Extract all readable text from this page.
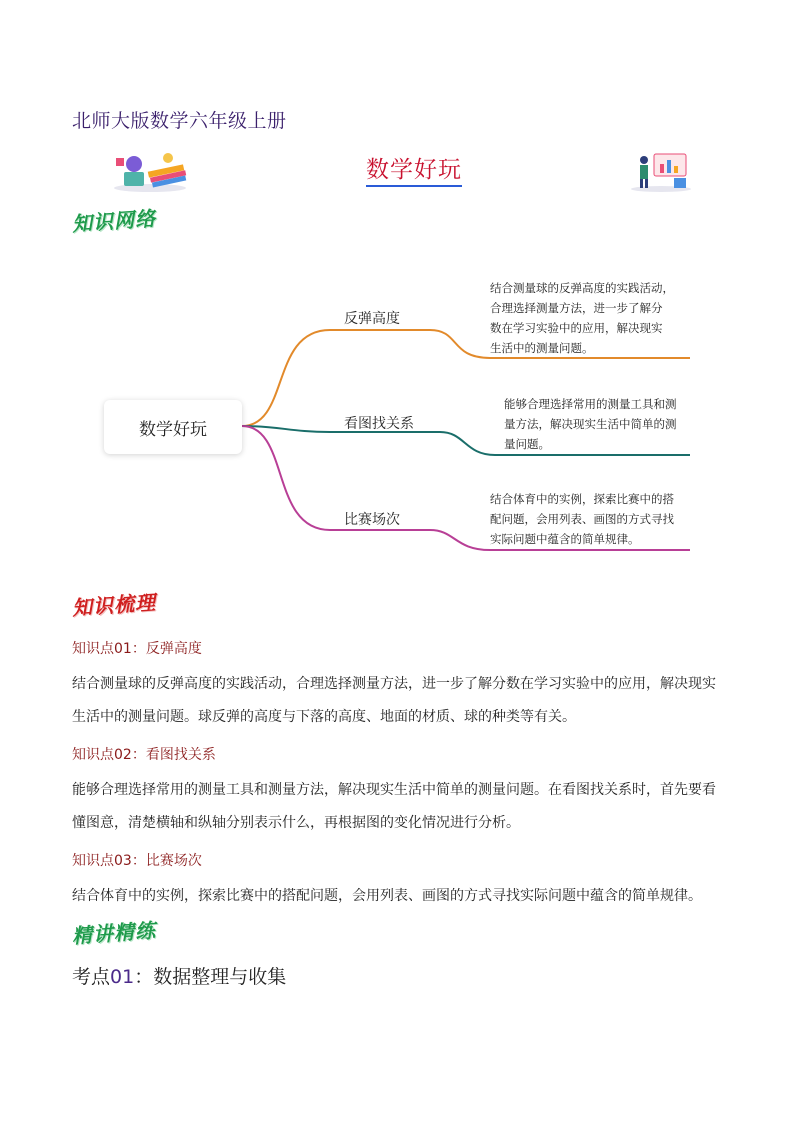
北师大版数学六年级上册
数学好玩
知识网络
数学好玩
反弹高度
看图找关系
比赛场次
结合测量球的反弹高度的实践活动，
合理选择测量方法，进一步了解分
数在学习实验中的应用，解决现实
生活中的测量问题。
能够合理选择常用的测量工具和测
量方法，解决现实生活中简单的测
量问题。
结合体育中的实例，探索比赛中的搭
配问题，会用列表、画图的方式寻找
实际问题中蕴含的简单规律。
知识梳理
知识点01：反弹高度
结合测量球的反弹高度的实践活动，合理选择测量方法，进一步了解分数在学习实验中的应用，解决现实
生活中的测量问题。球反弹的高度与下落的高度、地面的材质、球的种类等有关。
知识点02：看图找关系
能够合理选择常用的测量工具和测量方法，解决现实生活中简单的测量问题。在看图找关系时，首先要看
懂图意，清楚横轴和纵轴分别表示什么，再根据图的变化情况进行分析。
知识点03：比赛场次
结合体育中的实例，探索比赛中的搭配问题，会用列表、画图的方式寻找实际问题中蕴含的简单规律。
精讲精练
考点01：数据整理与收集
